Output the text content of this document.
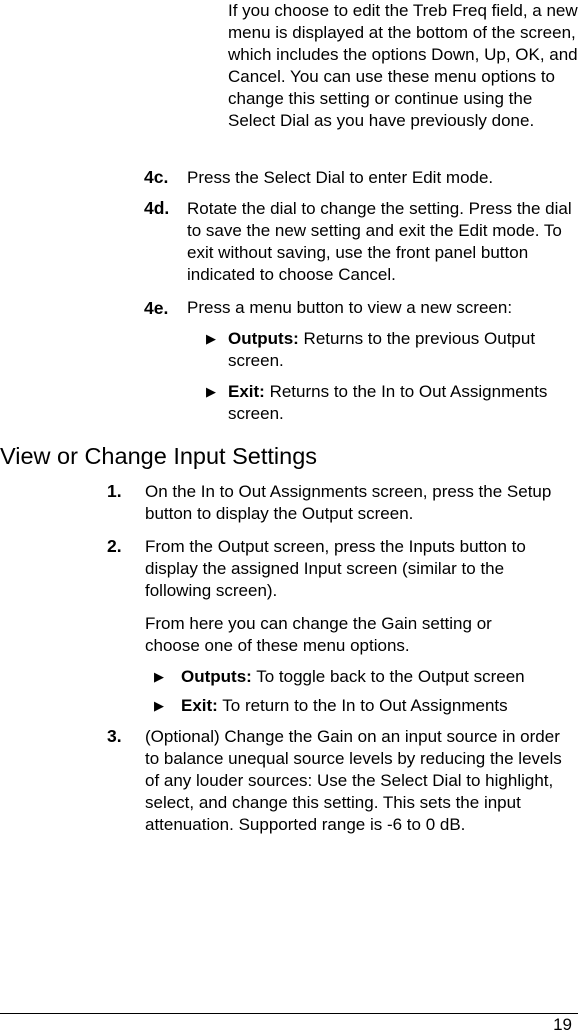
If you choose to edit the Treb Freq field, a new menu is displayed at the bottom of the screen, which includes the options Down, Up, OK, and Cancel. You can use these menu options to change this setting or continue using the Select Dial as you have previously done.

4c. Press the Select Dial to enter Edit mode.

4d. Rotate the dial to change the setting. Press the dial to save the new setting and exit the Edit mode. To exit without saving, use the front panel button indicated to choose Cancel.

4e. Press a menu button to view a new screen:

▶ Outputs: Returns to the previous Output screen.

▶ Exit: Returns to the In to Out Assignments screen.

View or Change Input Settings
1. On the In to Out Assignments screen, press the Setup button to display the Output screen.

2. From the Output screen, press the Inputs button to display the assigned Input screen (similar to the following screen).

From here you can change the Gain setting or choose one of these menu options.

▶ Outputs: To toggle back to the Output screen

▶ Exit: To return to the In to Out Assignments

3. (Optional) Change the Gain on an input source in order to balance unequal source levels by reducing the levels of any louder sources: Use the Select Dial to highlight, select, and change this setting. This sets the input attenuation. Supported range is -6 to 0 dB.

19
